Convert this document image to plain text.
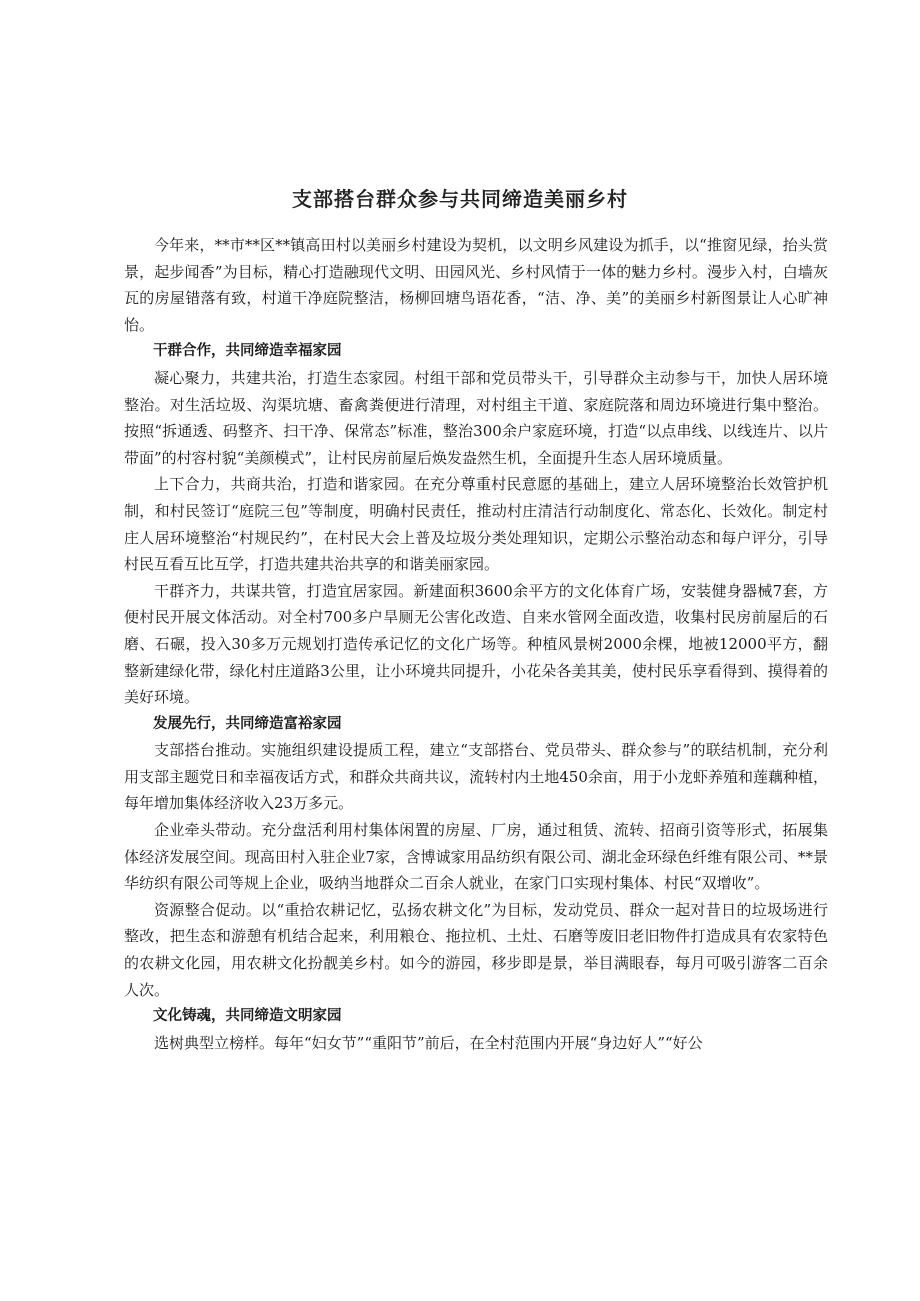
支部搭台群众参与共同缔造美丽乡村

今年来，**市**区**镇高田村以美丽乡村建设为契机，以文明乡风建设为抓手，以“推窗见绿，抬头赏景，起步闻香”为目标，精心打造融现代文明、田园风光、乡村风情于一体的魅力乡村。漫步入村，白墙灰瓦的房屋错落有致，村道干净庭院整洁，杨柳回塘鸟语花香，“洁、净、美”的美丽乡村新图景让人心旷神怡。

干群合作，共同缔造幸福家园

凝心聚力，共建共治，打造生态家园。村组干部和党员带头干，引导群众主动参与干，加快人居环境整治。对生活垃圾、沟渠坑塘、畜禽粪便进行清理，对村组主干道、家庭院落和周边环境进行集中整治。按照“拆通透、码整齐、扫干净、保常态”标准，整治300余户家庭环境，打造“以点串线、以线连片、以片带面”的村容村貌“美颜模式”，让村民房前屋后焕发盎然生机，全面提升生态人居环境质量。

上下合力，共商共治，打造和谐家园。在充分尊重村民意愿的基础上，建立人居环境整治长效管护机制，和村民签订“庭院三包”等制度，明确村民责任，推动村庄清洁行动制度化、常态化、长效化。制定村庄人居环境整治“村规民约”，在村民大会上普及垃圾分类处理知识，定期公示整治动态和每户评分，引导村民互看互比互学，打造共建共治共享的和谐美丽家园。

干群齐力，共谋共管，打造宜居家园。新建面积3600余平方的文化体育广场，安装健身器械7套，方便村民开展文体活动。对全村700多户旱厕无公害化改造、自来水管网全面改造，收集村民房前屋后的石磨、石碾，投入30多万元规划打造传承记忆的文化广场等。种植风景树2000余棵，地被12000平方，翻整新建绿化带，绿化村庄道路3公里，让小环境共同提升，小花朵各美其美，使村民乐享看得到、摸得着的美好环境。

发展先行，共同缔造富裕家园

支部搭台推动。实施组织建设提质工程，建立“支部搭台、党员带头、群众参与”的联结机制，充分利用支部主题党日和幸福夜话方式，和群众共商共议，流转村内土地450余亩，用于小龙虾养殖和莲藕种植，每年增加集体经济收入23万多元。

企业牵头带动。充分盘活利用村集体闲置的房屋、厂房，通过租赁、流转、招商引资等形式，拓展集体经济发展空间。现高田村入驻企业7家，含博诚家用品纺织有限公司、湖北金环绿色纤维有限公司、**景华纺织有限公司等规上企业，吸纳当地群众二百余人就业，在家门口实现村集体、村民“双增收”。

资源整合促动。以“重拾农耕记忆，弘扬农耕文化”为目标，发动党员、群众一起对昔日的垃圾场进行整改，把生态和游憩有机结合起来，利用粮仓、拖拉机、土灶、石磨等废旧老旧物件打造成具有农家特色的农耕文化园，用农耕文化扮靓美乡村。如今的游园，移步即是景，举目满眼春，每月可吸引游客二百余人次。

文化铸魂，共同缔造文明家园

选树典型立榜样。每年“妇女节”“重阳节”前后，在全村范围内开展“身边好人”“好公
